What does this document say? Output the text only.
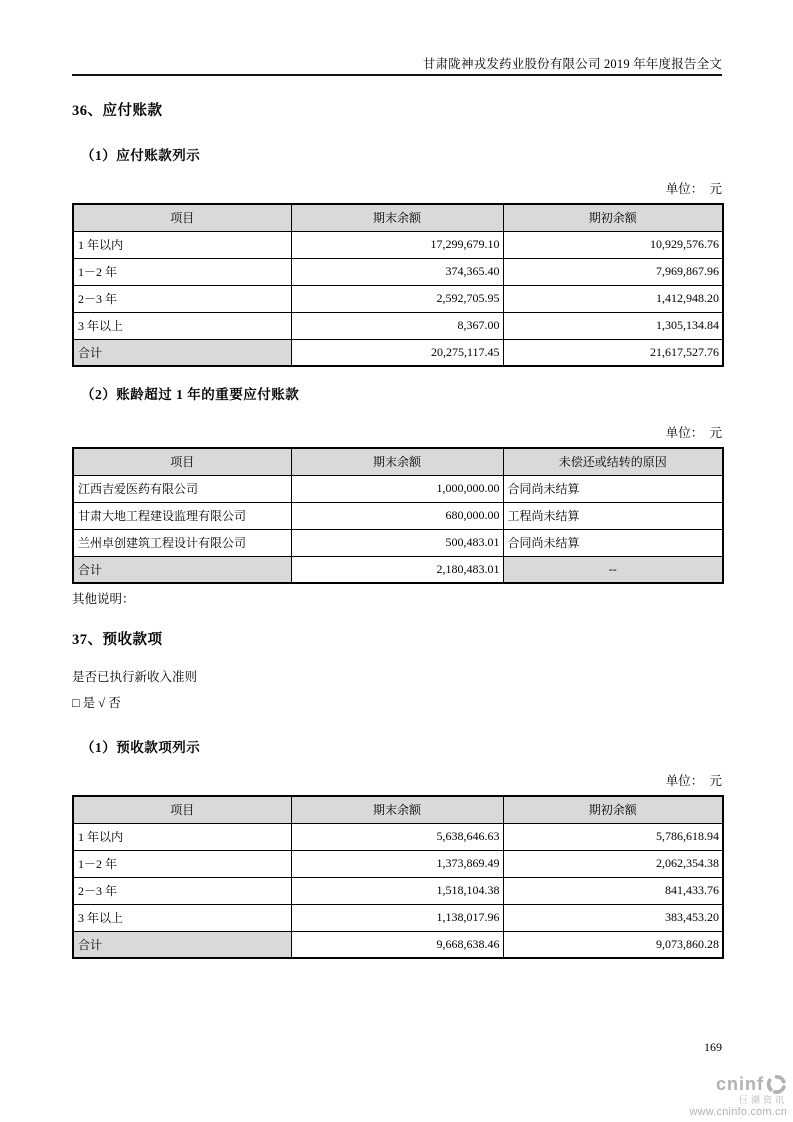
甘肃陇神戎发药业股份有限公司 2019 年年度报告全文
36、应付账款
（1）应付账款列示
单位：　元
项目	期末余额	期初余额
1 年以内	17,299,679.10	10,929,576.76
1－2 年	374,365.40	7,969,867.96
2－3 年	2,592,705.95	1,412,948.20
3 年以上	8,367.00	1,305,134.84
合计	20,275,117.45	21,617,527.76
（2）账龄超过 1 年的重要应付账款
单位：　元
项目	期末余额	未偿还或结转的原因
江西吉爱医药有限公司	1,000,000.00	合同尚未结算
甘肃大地工程建设监理有限公司	680,000.00	工程尚未结算
兰州卓创建筑工程设计有限公司	500,483.01	合同尚未结算
合计	2,180,483.01	--
其他说明：
37、预收款项
是否已执行新收入准则
□ 是 √ 否
（1）预收款项列示
单位：　元
项目	期末余额	期初余额
1 年以内	5,638,646.63	5,786,618.94
1－2 年	1,373,869.49	2,062,354.38
2－3 年	1,518,104.38	841,433.76
3 年以上	1,138,017.96	383,453.20
合计	9,668,638.46	9,073,860.28
169
cninf
巨潮资讯
www.cninfo.com.cn
